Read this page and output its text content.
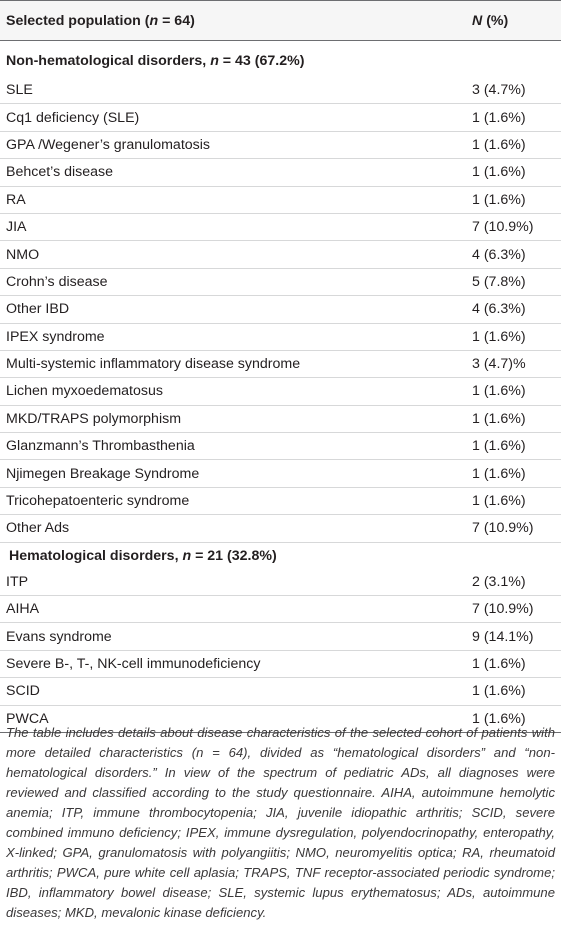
Selected population (n = 64)	N (%)
Non-hematological disorders, n = 43 (67.2%)	
SLE	3 (4.7%)
Cq1 deficiency (SLE)	1 (1.6%)
GPA /Wegener’s granulomatosis	1 (1.6%)
Behcet’s disease	1 (1.6%)
RA	1 (1.6%)
JIA	7 (10.9%)
NMO	4 (6.3%)
Crohn’s disease	5 (7.8%)
Other IBD	4 (6.3%)
IPEX syndrome	1 (1.6%)
Multi-systemic inflammatory disease syndrome	3 (4.7)%
Lichen myxoedematosus	1 (1.6%)
MKD/TRAPS polymorphism	1 (1.6%)
Glanzmann’s Thrombasthenia	1 (1.6%)
Njimegen Breakage Syndrome	1 (1.6%)
Tricohepatoenteric syndrome	1 (1.6%)
Other Ads	7 (10.9%)
Hematological disorders, n = 21 (32.8%)	
ITP	2 (3.1%)
AIHA	7 (10.9%)
Evans syndrome	9 (14.1%)
Severe B-, T-, NK-cell immunodeficiency	1 (1.6%)
SCID	1 (1.6%)
PWCA	1 (1.6%)

The table includes details about disease characteristics of the selected cohort of patients with more detailed characteristics (n = 64), divided as “hematological disorders” and “non-hematological disorders.” In view of the spectrum of pediatric ADs, all diagnoses were reviewed and classified according to the study questionnaire. AIHA, autoimmune hemolytic anemia; ITP, immune thrombocytopenia; JIA, juvenile idiopathic arthritis; SCID, severe combined immuno deficiency; IPEX, immune dysregulation, polyendocrinopathy, enteropathy, X-linked; GPA, granulomatosis with polyangiitis; NMO, neuromyelitis optica; RA, rheumatoid arthritis; PWCA, pure white cell aplasia; TRAPS, TNF receptor-associated periodic syndrome; IBD, inflammatory bowel disease; SLE, systemic lupus erythematosus; ADs, autoimmune diseases; MKD, mevalonic kinase deficiency.
